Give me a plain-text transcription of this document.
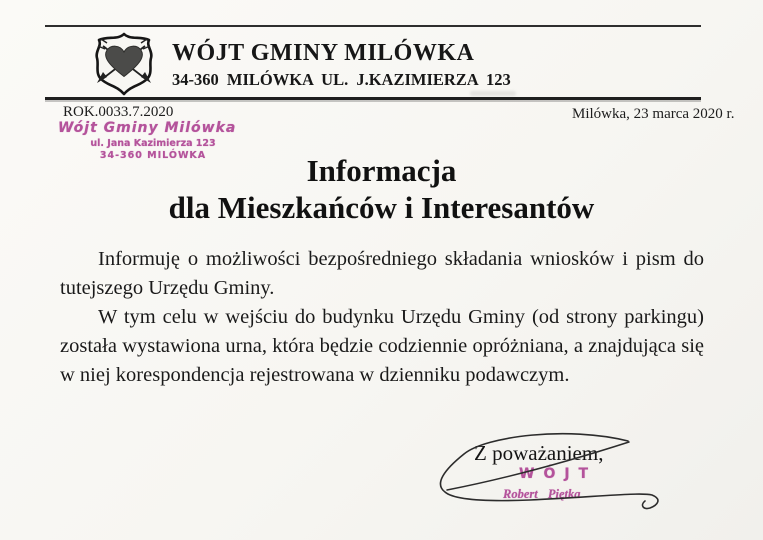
WÓJT GMINY MILÓWKA
34-360 MILÓWKA UL. J.KAZIMIERZA 123
ROK.0033.7.2020	Milówka, 23 marca 2020 r.
Wójt Gminy Milówka
ul. Jana Kazimierza 123
34-360 MILÓWKA	Informacja
dla Mieszkańców i Interesantów

Informuję o możliwości bezpośredniego składania wniosków i pism do tutejszego Urzędu Gminy.

W tym celu w wejściu do budynku Urzędu Gminy (od strony parkingu) została wystawiona urna, która będzie codziennie opróżniana, a znajdująca się w niej korespondencja rejestrowana w dzienniku podawczym.

Z poważaniem,
WÓJT
Robert Piętka
